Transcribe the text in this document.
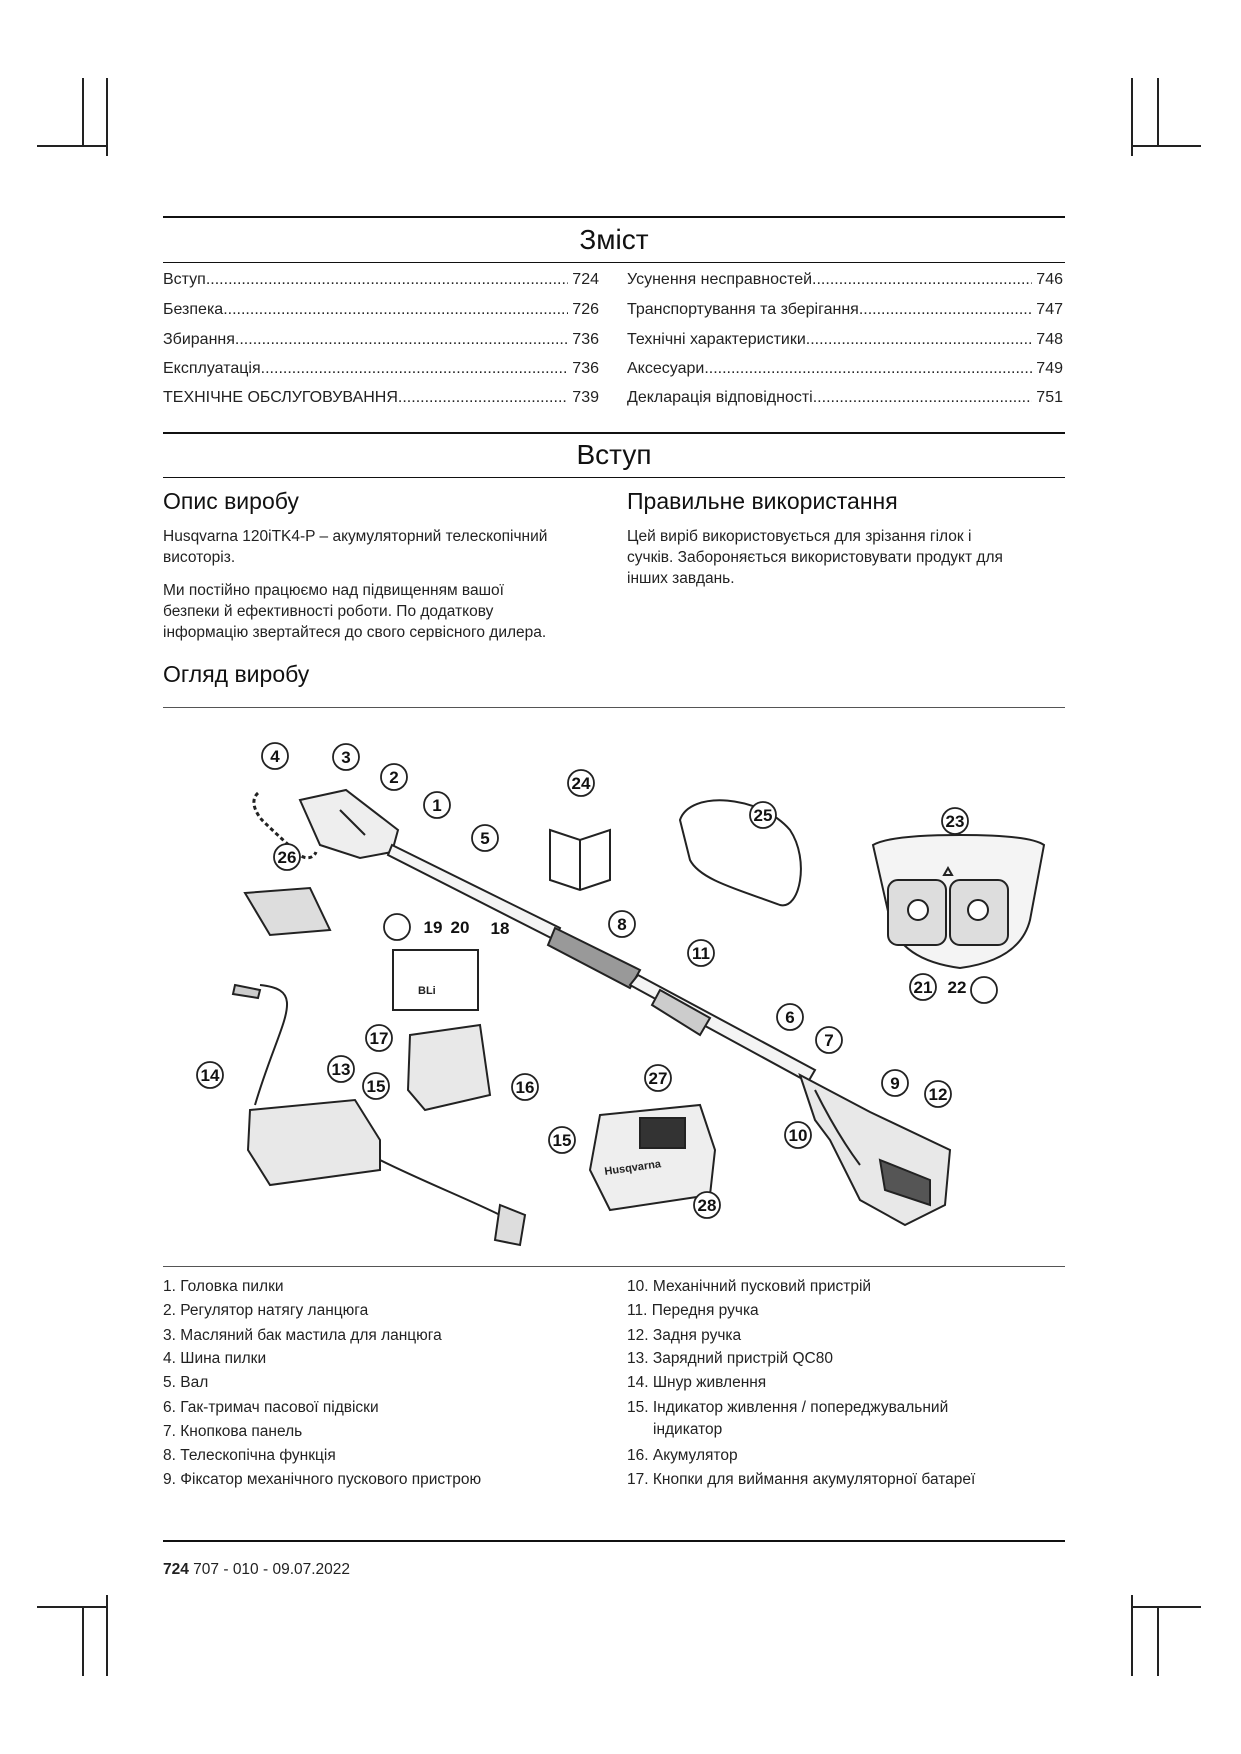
Зміст
Вступ .....	724
Безпека .....	726
Збирання .....	736
Експлуатація .....	736
ТЕХНІЧНЕ ОБСЛУГОВУВАННЯ .....	739
Усунення несправностей .....	746
Транспортування та зберігання .....	747
Технічні характеристики .....	748
Аксесуари .....	749
Декларація відповідності .....	751
Вступ
Опис виробу
Husqvarna 120iTK4-P – акумуляторний телескопічний
висоторіз.
Ми постійно працюємо над підвищенням вашої
безпеки й ефективності роботи. По додаткову
інформацію звертайтеся до свого сервісного дилера.
Правильне використання
Цей виріб використовується для зрізання гілок і
сучків. Забороняється використовувати продукт для
інших завдань.
Огляд виробу
BLi
Husqvarna
1
2
3
4
5
6
7
8
9
10
11
12
13
14
15
15
16
17
18
19 20
21 22
23
24
25
26
27
28
1. Головка пилки
2. Регулятор натягу ланцюга
3. Масляний бак мастила для ланцюга
4. Шина пилки
5. Вал
6. Гак-тримач пасової підвіски
7. Кнопкова панель
8. Телескопічна функція
9. Фіксатор механічного пускового пристрою
10. Механічний пусковий пристрій
11. Передня ручка
12. Задня ручка
13. Зарядний пристрій QC80
14. Шнур живлення
15. Індикатор живлення / попереджувальний
індикатор
16. Акумулятор
17. Кнопки для виймання акумуляторної батареї
724 707 - 010 - 09.07.2022
